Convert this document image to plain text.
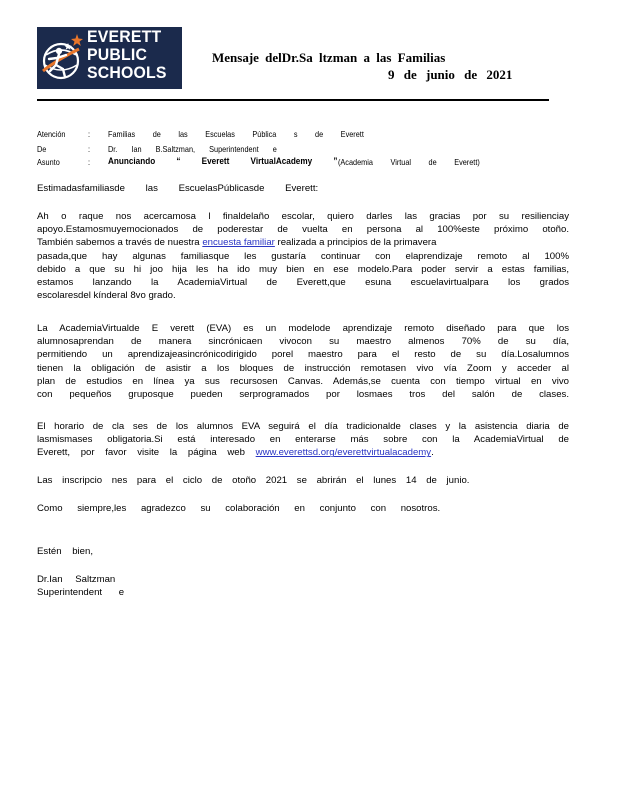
EVERETT
PUBLIC
SCHOOLS
Mensaje delDr.Sa ltzman a las Familias
9 de junio de 2021
Atención	: Familias de las Escuelas Pública s de Everett
De	: Dr. Ian B.Saltzman, Superintendent e
Asunto	: Anunciando “ Everett VirtualAcademy ” (Academia Virtual de Everett)
Estimadasfamiliasde las EscuelasPúblicasde Everett:
Ah o raque nos acercamosa l finaldelaño escolar, quiero darles las gracias por su resilienciay
apoyo.Estamosmuyemocionados de poderestar de vuelta en persona al 100%este próximo otoño.
También sabemos a través de nuestra encuesta familiar realizada a principios de la primavera
pasada,que hay algunas familiasque les gustaría continuar con elaprendizaje remoto al 100%
debido a que su hi joo hija les ha ido muy bien en ese modelo.Para poder servir a estas familias,
estamos lanzando la AcademiaVirtual de Everett,que esuna escuelavirtualpara los grados
escolaresdel kínderal 8vo grado.
La AcademiaVirtualde E verett (EVA) es un modelode aprendizaje remoto diseñado para que los
alumnosaprendan de manera sincrónicaen vivocon su maestro almenos 70% de su día,
permitiendo un aprendizajeasincrónicodirigido porel maestro para el resto de su día.Losalumnos
tienen la obligación de asistir a los bloques de instrucción remotasen vivo vía Zoom y acceder al
plan de estudios en línea ya sus recursosen Canvas. Además,se cuenta con tiempo virtual en vivo
con pequeños gruposque pueden serprogramados por losmaes tros del salón de clases.
El horario de cla ses de los alumnos EVA seguirá el día tradicionalde clases y la asistencia diaria de
lasmismases obligatoria.Si está interesado en enterarse más sobre con la AcademiaVirtual de
Everett, por favor visite la página web www.everettsd.org/everettvirtualacademy.
Las inscripcio nes para el ciclo de otoño 2021 se abrirán el lunes 14 de junio.
Como siempre,les agradezco su colaboración en conjunto con nosotros.
Estén bien,
Dr.Ian Saltzman
Superintendent e
